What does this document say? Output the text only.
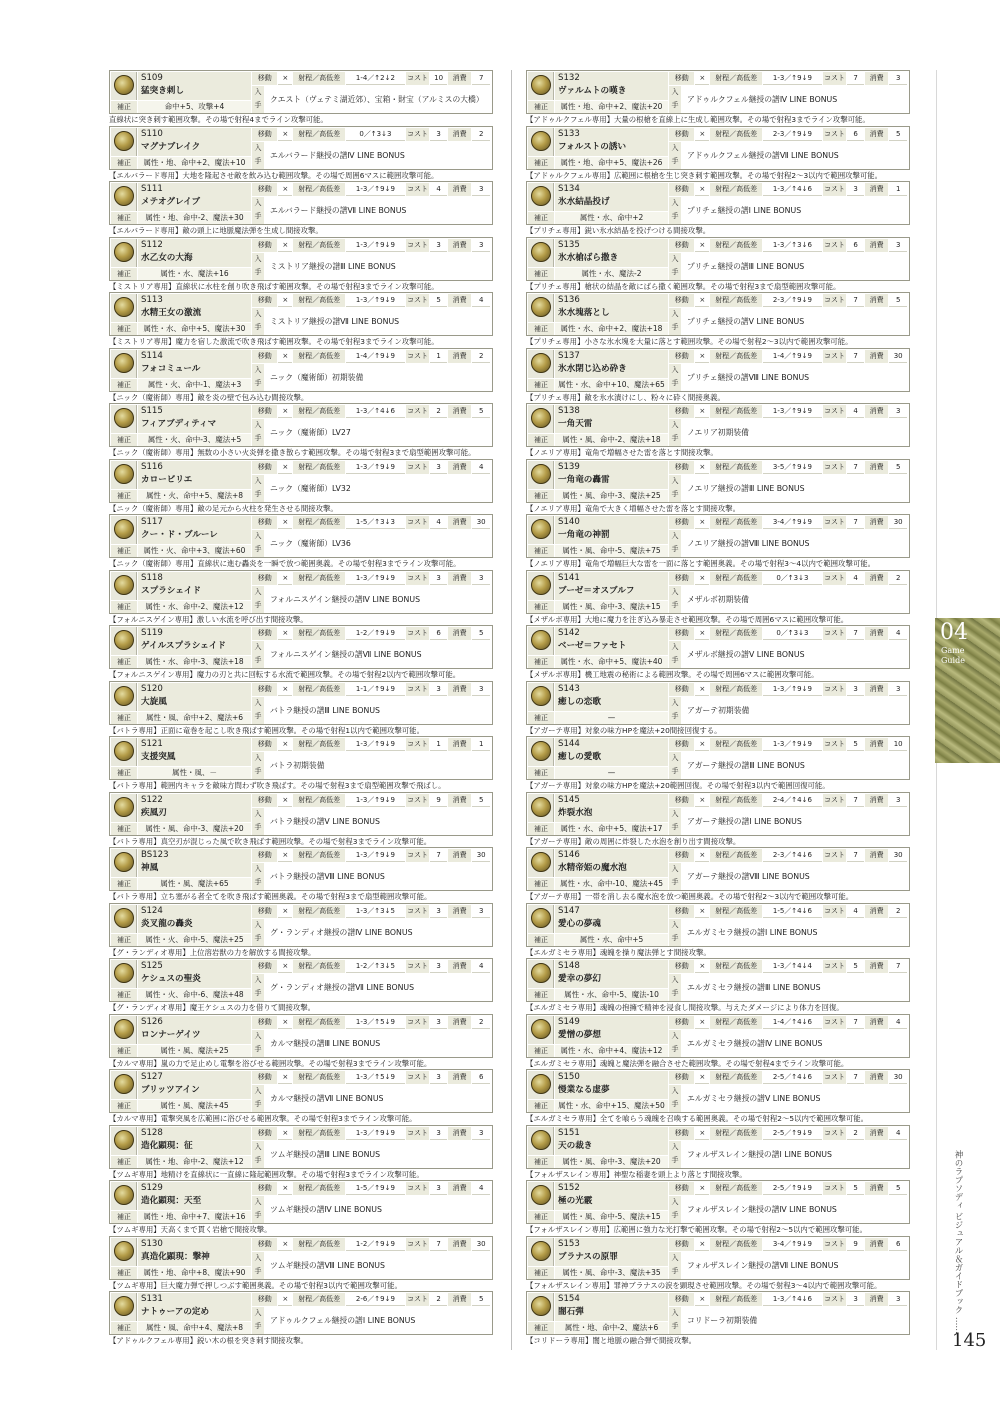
S109
猛突き刺し
補正	命中+5、攻撃+4
移動	×	射程／高低差	1-4／↑2↓2	コスト 10	消費	7
入
手
クエスト（ヴェテミ湖近郊）、宝箱・財宝（アルミスの大橋）
直線状に突き刺す範囲攻撃。その場で射程4までライン攻撃可能。
S110
マグナブレイク
補正	属性・地、命中+2、魔法+10
移動	×	射程／高低差	0／↑3↓3	コスト	3	消費	2
入
手
エルバラード継授の譜Ⅳ LINE BONUS
【エルバラード専用】大地を隆起させ敵を飲み込む範囲攻撃。その場で周囲6マスに範囲攻撃可能。
S111
メテオグレイブ
補正	属性・地、命中-2、魔法+30
移動	×	射程／高低差	1-3／↑9↓9	コスト	4	消費	3
入
手
エルバラード継授の譜Ⅶ LINE BONUS
【エルバラード専用】敵の頭上に地脈魔法弾を生成し間接攻撃。
S112
水乙女の大海
補正	属性・水、魔法+16
移動	×	射程／高低差	1-3／↑9↓9	コスト	3	消費	3
入
手
ミストリア継授の譜Ⅲ LINE BONUS
【ミストリア専用】直線状に水柱を創り吹き飛ばす範囲攻撃。その場で射程3までライン攻撃可能。
S113
水精王女の激流
補正	属性・水、命中+5、魔法+30
移動	×	射程／高低差	1-3／↑9↓9	コスト	5	消費	4
入
手
ミストリア継授の譜Ⅶ LINE BONUS
【ミストリア専用】魔力を宿した激流で吹き飛ばす範囲攻撃。その場で射程3までライン攻撃可能。
S114
フォコミュール
補正	属性・火、命中-1、魔法+3
移動	×	射程／高低差	1-4／↑9↓9	コスト	1	消費	2
入
手
ニック（魔術師）初期装備
【ニック（魔術師）専用】敵を炎の壁で包み込む間接攻撃。
S115
フィアブディティマ
補正	属性・火、命中-3、魔法+5
移動	×	射程／高低差	1-3／↑4↓6	コスト	2	消費	5
入
手
ニック（魔術師）LV27
【ニック（魔術師）専用】無数の小さい火炎弾を撒き散らす範囲攻撃。その場で射程3まで扇型範囲攻撃可能。
S116
カロービリエ
補正	属性・火、命中+5、魔法+8
移動	×	射程／高低差	1-3／↑9↓9	コスト	3	消費	4
入
手
ニック（魔術師）LV32
【ニック（魔術師）専用】敵の足元から火柱を発生させる間接攻撃。
S117
クー・ド・ブルーレ
補正	属性・火、命中+3、魔法+60
移動	×	射程／高低差	1-5／↑3↓3	コスト	4	消費	30
入
手
ニック（魔術師）LV36
【ニック（魔術師）専用】直線状に進む轟炎を一瞬で放つ範囲奥義。その場で射程3までライン攻撃可能。
S118
スプラシェイド
補正	属性・水、命中-2、魔法+12
移動	×	射程／高低差	1-3／↑9↓9	コスト	3	消費	3
入
手
フォルニスゲイン継授の譜Ⅳ LINE BONUS
【フォルニスゲイン専用】激しい水流を呼び出す間接攻撃。
S119
ゲイルスプラシェイド
補正	属性・水、命中-3、魔法+18
移動	×	射程／高低差	1-2／↑9↓9	コスト	6	消費	5
入
手
フォルニスゲイン継授の譜Ⅶ LINE BONUS
【フォルニスゲイン専用】魔力の刃と共に回転する水流で範囲攻撃。その場で射程2以内で範囲攻撃可能。
S120
大旋風
補正	属性・風、命中+2、魔法+6
移動	×	射程／高低差	1-1／↑9↓9	コスト	3	消費	3
入
手
バトラ継授の譜Ⅲ LINE BONUS
【バトラ専用】正面に竜巻を起こし吹き飛ばす範囲攻撃。その場で射程1以内で範囲攻撃可能。
S121
支援突風
補正	属性・風、－
移動	×	射程／高低差	1-3／↑9↓9	コスト	1	消費	1
入
手
バトラ初期装備
【バトラ専用】範囲内キャラを敵味方問わず吹き飛ばす。その場で射程3まで扇型範囲攻撃で飛ばし。
S122
疾風刃
補正	属性・風、命中-3、魔法+20
移動	×	射程／高低差	1-3／↑9↓9	コスト	9	消費	5
入
手
バトラ継授の譜Ⅴ LINE BONUS
【バトラ専用】真空刃が混じった風で吹き飛ばす範囲攻撃。その場で射程3までライン攻撃可能。
BS123
神風
補正	属性・風、魔法+65
移動	×	射程／高低差	1-3／↑9↓9	コスト	7	消費	30
入
手
バトラ継授の譜Ⅷ LINE BONUS
【バトラ専用】立ち塞がる者全てを吹き飛ばす範囲奥義。その場で射程3まで扇型範囲攻撃可能。
S124
炎叉龍の轟炎
補正	属性・火、命中-5、魔法+25
移動	×	射程／高低差	1-3／↑3↓5	コスト	3	消費	3
入
手
グ・ランディオ継授の譜Ⅳ LINE BONUS
【グ・ランディオ専用】上位溶岩獣の力を解放する間接攻撃。
S125
ケシュスの聖炎
補正	属性・火、命中-6、魔法+48
移動	×	射程／高低差	1-2／↑3↓5	コスト	3	消費	4
入
手
グ・ランディオ継授の譜Ⅶ LINE BONUS
【グ・ランディオ専用】魔王ケシュスの力を借りて間接攻撃。
S126
ロンナーゲイツ
補正	属性・風、魔法+25
移動	×	射程／高低差	1-3／↑5↓9	コスト	3	消費	2
入
手
カルマ継授の譜Ⅲ LINE BONUS
【カルマ専用】嵐の力で足止めし電撃を浴びせる範囲攻撃。その場で射程3までライン攻撃可能。
S127
ブリッツアイン
補正	属性・風、魔法+45
移動	×	射程／高低差	1-3／↑5↓9	コスト	3	消費	6
入
手
カルマ継授の譜Ⅶ LINE BONUS
【カルマ専用】電撃突風を広範囲に浴びせる範囲攻撃。その場で射程3までライン攻撃可能。
S128
造化顕現：征
補正	属性・地、命中-2、魔法+12
移動	×	射程／高低差	1-3／↑9↓9	コスト	3	消費	3
入
手
ツムギ継授の譜Ⅲ LINE BONUS
【ツムギ専用】地精けを直線状に一直線に隆起範囲攻撃。その場で射程3までライン攻撃可能。
S129
造化顕現：天至
補正	属性・地、命中+7、魔法+16
移動	×	射程／高低差	1-5／↑9↓9	コスト	3	消費	4
入
手
ツムギ継授の譜Ⅳ LINE BONUS
【ツムギ専用】天高くまで貫く岩槍で間接攻撃。
S130
真造化顕現：撃神
補正	属性・地、命中+8、魔法+90
移動	×	射程／高低差	1-2／↑9↓9	コスト	7	消費	30
入
手
ツムギ継授の譜Ⅷ LINE BONUS
【ツムギ専用】巨大魔力弾で押しつぶす範囲奥義。その場で射程3以内で範囲攻撃可能。
S131
ナトゥーアの定め
補正	属性・風、命中+4、魔法+8
移動	×	射程／高低差	2-6／↑9↓9	コスト	2	消費	5
入
手
アドゥルクフェル継授の譜Ⅰ LINE BONUS
【アドゥルクフェル専用】鋭い木の根を突き刺す間接攻撃。
S132
ヴァルムトの嘆き
補正	属性・地、命中+2、魔法+20
移動	×	射程／高低差	1-3／↑9↓9	コスト	7	消費	3
入
手
アドゥルクフェル継授の譜Ⅳ LINE BONUS
【アドゥルクフェル専用】大量の根槍を直線上に生成し範囲攻撃。その場で射程3までライン攻撃可能。
S133
フォルストの誘い
補正	属性・地、命中+5、魔法+26
移動	×	射程／高低差	2-3／↑9↓9	コスト	6	消費	5
入
手
アドゥルクフェル継授の譜Ⅶ LINE BONUS
【アドゥルクフェル専用】広範囲に根槍を生じ突き刺す範囲攻撃。その場で射程2〜3以内で範囲攻撃可能。
S134
氷水結晶投げ
補正	属性・水、命中+2
移動	×	射程／高低差	1-3／↑4↓6	コスト	3	消費	1
入
手
プリチェ継授の譜Ⅰ LINE BONUS
【プリチェ専用】鋭い氷水結晶を投げつける間接攻撃。
S135
氷水槍ばら撒き
補正	属性・水、魔法-2
移動	×	射程／高低差	1-3／↑3↓6	コスト	6	消費	3
入
手
プリチェ継授の譜Ⅲ LINE BONUS
【プリチェ専用】槍状の結晶を敵にばら撒く範囲攻撃。その場で射程3まで扇型範囲攻撃可能。
S136
氷水塊落とし
補正	属性・水、命中+2、魔法+18
移動	×	射程／高低差	2-3／↑9↓9	コスト	7	消費	5
入
手
プリチェ継授の譜Ⅴ LINE BONUS
【プリチェ専用】小さな氷水塊を大量に落とす範囲攻撃。その場で射程2〜3以内で範囲攻撃可能。
S137
氷水閉じ込め砕き
補正	属性・水、命中+10、魔法+65
移動	×	射程／高低差	1-4／↑9↓9	コスト	7	消費	30
入
手
プリチェ継授の譜Ⅷ LINE BONUS
【プリチェ専用】敵を氷水漬けにし、粉々に砕く間接奥義。
S138
一角天雷
補正	属性・風、命中-2、魔法+18
移動	×	射程／高低差	1-3／↑9↓9	コスト	4	消費	3
入
手
ノエリア初期装備
【ノエリア専用】竜角で増幅させた雷を落とす間接攻撃。
S139
一角竜の轟雷
補正	属性・風、命中-3、魔法+25
移動	×	射程／高低差	3-5／↑9↓9	コスト	7	消費	5
入
手
ノエリア継授の譜Ⅲ LINE BONUS
【ノエリア専用】竜角で大きく増幅させた雷を落とす間接攻撃。
S140
一角竜の神罰
補正	属性・風、命中-5、魔法+75
移動	×	射程／高低差	3-4／↑9↓9	コスト	7	消費	30
入
手
ノエリア継授の譜Ⅷ LINE BONUS
【ノエリア専用】竜角で増幅巨大な雷を一面に落とす範囲奥義。その場で射程3〜4以内で範囲攻撃可能。
S141
ブーゼ＝オスブルフ
補正	属性・風、命中-3、魔法+15
移動	×	射程／高低差	0／↑3↓3	コスト	4	消費	2
入
手
メザルボ初期装備
【メザルボ専用】大地に魔力を注ぎ込み暴走させ範囲攻撃。その場で周囲6マスに範囲攻撃可能。
S142
ベーゼ＝ファセト
補正	属性・水、命中+5、魔法+40
移動	×	射程／高低差	0／↑3↓3	コスト	7	消費	4
入
手
メザルボ継授の譜Ⅴ LINE BONUS
【メザルボ専用】機工地震の秘術による範囲攻撃。その場で周囲6マスに範囲攻撃可能。
S143
癒しの恋歌
補正	—
移動	×	射程／高低差	1-3／↑9↓9	コスト	3	消費	3
入
手
アガーテ初期装備
【アガーテ専用】対象の味方HPを魔法+20間接回復する。
S144
癒しの愛歌
補正	—
移動	×	射程／高低差	1-3／↑9↓9	コスト	5	消費	10
入
手
アガーテ継授の譜Ⅲ LINE BONUS
【アガーテ専用】対象の味方HPを魔法+20範囲回復。その場で射程3以内で範囲回復可能。
S145
炸裂水泡
補正	属性・水、命中+5、魔法+17
移動	×	射程／高低差	2-4／↑4↓6	コスト	7	消費	3
入
手
アガーテ継授の譜Ⅰ LINE BONUS
【アガーテ専用】敵の周囲に炸裂した水泡を創り出す間接攻撃。
S146
水精帝姫の魔水泡
補正	属性・水、命中-10、魔法+45
移動	×	射程／高低差	2-3／↑4↓6	コスト	7	消費	30
入
手
アガーテ継授の譜Ⅷ LINE BONUS
【アガーテ専用】一帯を消し去る魔水泡を放つ範囲奥義。その場で射程2〜3以内で範囲攻撃可能。
S147
愛心の夢魂
補正	属性・水、命中+5
移動	×	射程／高低差	1-5／↑4↓6	コスト	4	消費	2
入
手
エルガミセラ継授の譜Ⅰ LINE BONUS
【エルガミセラ専用】魂魄を操り魔法弾とす間接攻撃。
S148
愛幸の夢幻
補正	属性・水、命中-5、魔法-10
移動	×	射程／高低差	1-3／↑4↓4	コスト	5	消費	7
入
手
エルガミセラ継授の譜Ⅲ LINE BONUS
【エルガミセラ専用】魂魄の抱擁で精神を浸食し間接攻撃。与えたダメージにより体力を回復。
S149
愛憎の夢想
補正	属性・水、命中+4、魔法+12
移動	×	射程／高低差	1-4／↑4↓6	コスト	7	消費	4
入
手
エルガミセラ継授の譜Ⅳ LINE BONUS
【エルガミセラ専用】魂魄と魔法弾を融合させた範囲攻撃。その場で射程4までライン攻撃可能。
S150
慢業なる虚夢
補正	属性・水、命中+15、魔法+50
移動	×	射程／高低差	2-5／↑4↓6	コスト	7	消費	30
入
手
エルガミセラ継授の譜Ⅴ LINE BONUS
【エルガミセラ専用】全てを喰らう魂魄を召喚する範囲奥義。その場で射程2〜5以内で範囲攻撃可能。
S151
天の裁き
補正	属性・風、命中-3、魔法+20
移動	×	射程／高低差	2-5／↑9↓9	コスト	2	消費	4
入
手
フォルザスレイン継授の譜Ⅰ LINE BONUS
【フォルザスレイン専用】神聖な稲妻を頭上より落とす間接攻撃。
S152
極の光霰
補正	属性・風、命中-5、魔法+15
移動	×	射程／高低差	2-5／↑9↓9	コスト	5	消費	5
入
手
フォルザスレイン継授の譜Ⅳ LINE BONUS
【フォルザスレイン専用】広範囲に強力な光打撃で範囲攻撃。その場で射程2〜5以内で範囲攻撃可能。
S153
ブラナスの原罪
補正	属性・風、命中-3、魔法+35
移動	×	射程／高低差	3-4／↑9↓9	コスト	9	消費	6
入
手
フォルザスレイン継授の譜Ⅶ LINE BONUS
【フォルザスレイン専用】罪神ブラナスの涙を顕現させ範囲攻撃。その場で射程3〜4以内で範囲攻撃可能。
S154
闇石弾
補正	属性・地、命中-2、魔法+6
移動	×	射程／高低差	1-3／↑4↓6	コスト	3	消費	3
入
手
コリドーラ初期装備
【コリドーラ専用】闇と地脈の融合弾で間接攻撃。
04
Game
Guide
神のラプソディ ビジュアル＆ガイドブック ……
145
